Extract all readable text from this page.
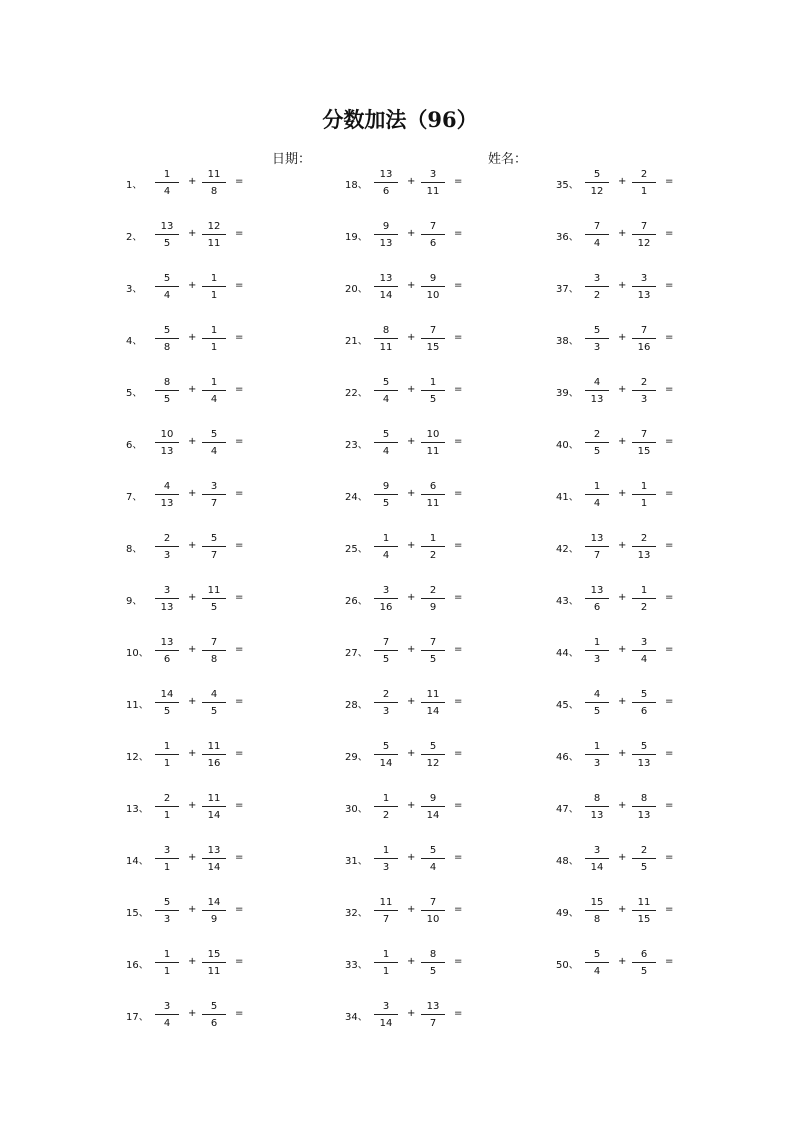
分数加法（96）
日期：	姓名：
1、
1
4
+
11
8
=
2、
13
5
+
12
11
=
3、
5
4
+
1
1
=
4、
5
8
+
1
1
=
5、
8
5
+
1
4
=
6、
10
13
+
5
4
=
7、
4
13
+
3
7
=
8、
2
3
+
5
7
=
9、
3
13
+
11
5
=
10、
13
6
+
7
8
=
11、
14
5
+
4
5
=
12、
1
1
+
11
16
=
13、
2
1
+
11
14
=
14、
3
1
+
13
14
=
15、
5
3
+
14
9
=
16、
1
1
+
15
11
=
17、
3
4
+
5
6
=
18、
13
6
+
3
11
=
19、
9
13
+
7
6
=
20、
13
14
+
9
10
=
21、
8
11
+
7
15
=
22、
5
4
+
1
5
=
23、
5
4
+
10
11
=
24、
9
5
+
6
11
=
25、
1
4
+
1
2
=
26、
3
16
+
2
9
=
27、
7
5
+
7
5
=
28、
2
3
+
11
14
=
29、
5
14
+
5
12
=
30、
1
2
+
9
14
=
31、
1
3
+
5
4
=
32、
11
7
+
7
10
=
33、
1
1
+
8
5
=
34、
3
14
+
13
7
=
35、
5
12
+
2
1
=
36、
7
4
+
7
12
=
37、
3
2
+
3
13
=
38、
5
3
+
7
16
=
39、
4
13
+
2
3
=
40、
2
5
+
7
15
=
41、
1
4
+
1
1
=
42、
13
7
+
2
13
=
43、
13
6
+
1
2
=
44、
1
3
+
3
4
=
45、
4
5
+
5
6
=
46、
1
3
+
5
13
=
47、
8
13
+
8
13
=
48、
3
14
+
2
5
=
49、
15
8
+
11
15
=
50、
5
4
+
6
5
=
